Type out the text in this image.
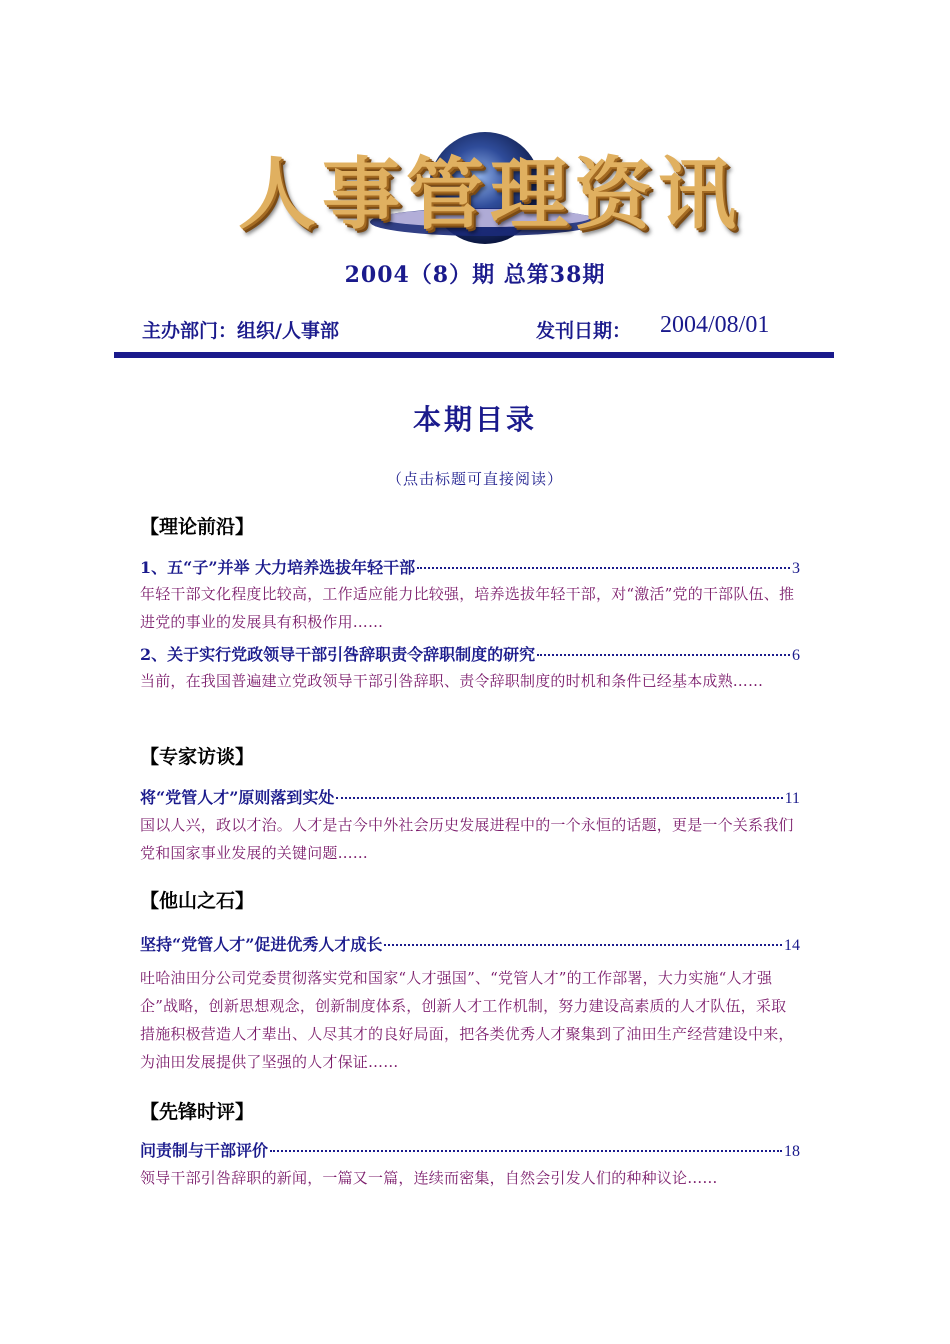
人事管理资讯
2004（8）期 总第38期
主办部门：组织/人事部	发刊日期： 2004/08/01
本期目录
（点击标题可直接阅读）
【理论前沿】
1、五“子”并举 大力培养选拔年轻干部	3
年轻干部文化程度比较高，工作适应能力比较强，培养选拔年轻干部，对“激活”党的干部队伍、推进党的事业的发展具有积极作用……
2、关于实行党政领导干部引咎辞职责令辞职制度的研究	6
当前，在我国普遍建立党政领导干部引咎辞职、责令辞职制度的时机和条件已经基本成熟……
【专家访谈】
将“党管人才”原则落到实处	11
国以人兴，政以才治。人才是古今中外社会历史发展进程中的一个永恒的话题，更是一个关系我们党和国家事业发展的关键问题……
【他山之石】
坚持“党管人才”促进优秀人才成长	14
吐哈油田分公司党委贯彻落实党和国家“人才强国”、“党管人才”的工作部署，大力实施“人才强企”战略，创新思想观念，创新制度体系，创新人才工作机制，努力建设高素质的人才队伍，采取措施积极营造人才辈出、人尽其才的良好局面，把各类优秀人才聚集到了油田生产经营建设中来，为油田发展提供了坚强的人才保证……
【先锋时评】
问责制与干部评价	18
领导干部引咎辞职的新闻，一篇又一篇，连续而密集，自然会引发人们的种种议论……
